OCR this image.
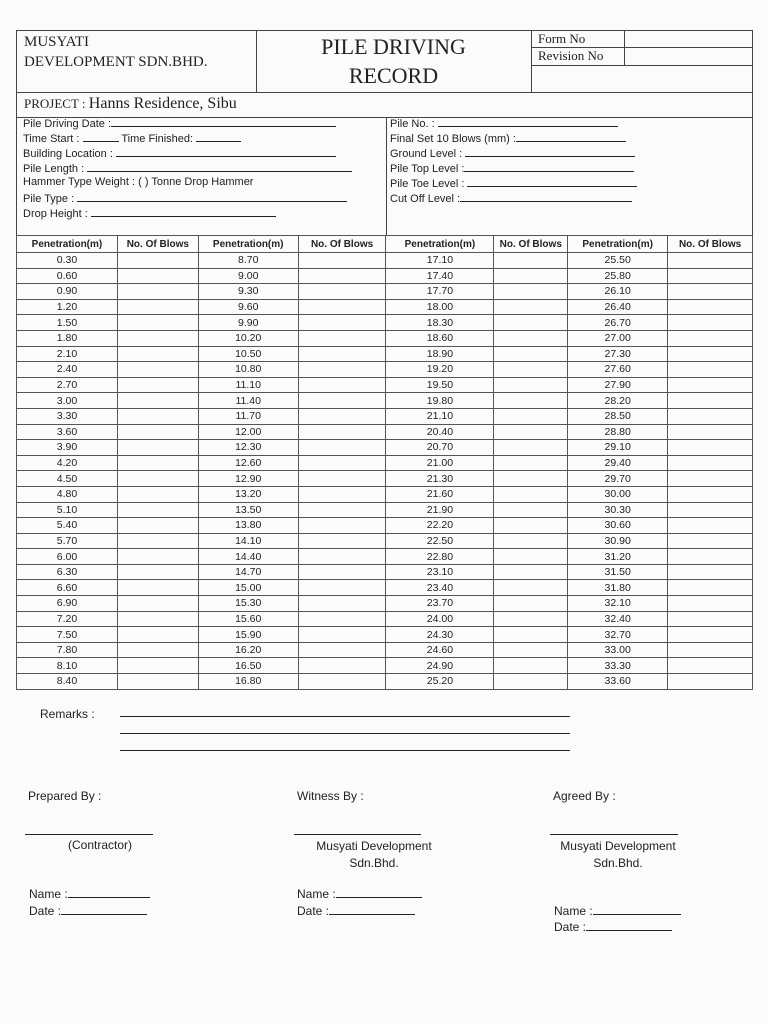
MUSYATI
DEVELOPMENT SDN.BHD.
PILE DRIVING
RECORD
Form No
Revision No
PROJECT : Hanns Residence, Sibu
Pile Driving Date :
Time Start :	Time Finished:
Building Location :
Pile Length :
Hammer Type Weight : ( ) Tonne Drop Hammer
Pile Type :
Drop Height :
Pile No. :
Final Set 10 Blows (mm) :
Ground Level :
Pile Top Level :
Pile Toe Level :
Cut Off Level :
Penetration(m)	No. Of Blows	Penetration(m)	No. Of Blows	Penetration(m)	No. Of Blows	Penetration(m)	No. Of Blows
0.30		8.70		17.10		25.50	
0.60		9.00		17.40		25.80	
0.90		9.30		17.70		26.10	
1.20		9.60		18.00		26.40	
1.50		9.90		18.30		26.70	
1.80		10.20		18.60		27.00	
2.10		10.50		18.90		27.30	
2.40		10.80		19.20		27.60	
2.70		11.10		19.50		27.90	
3.00		11.40		19.80		28.20	
3.30		11.70		21.10		28.50	
3.60		12.00		20.40		28.80	
3.90		12.30		20.70		29.10	
4.20		12.60		21.00		29.40	
4.50		12.90		21.30		29.70	
4.80		13.20		21.60		30.00	
5.10		13.50		21.90		30.30	
5.40		13.80		22.20		30.60	
5.70		14.10		22.50		30.90	
6.00		14.40		22.80		31.20	
6.30		14.70		23.10		31.50	
6.60		15.00		23.40		31.80	
6.90		15.30		23.70		32.10	
7.20		15.60		24.00		32.40	
7.50		15.90		24.30		32.70	
7.80		16.20		24.60		33.00	
8.10		16.50		24.90		33.30	
8.40		16.80		25.20		33.60	
Remarks :
Prepared By :	Witness By :	Agreed By :
(Contractor)	Musyati Development
Sdn.Bhd.
Musyati Development
Sdn.Bhd.
Name :
Date :
Name :
Date :	Name :
Date :
